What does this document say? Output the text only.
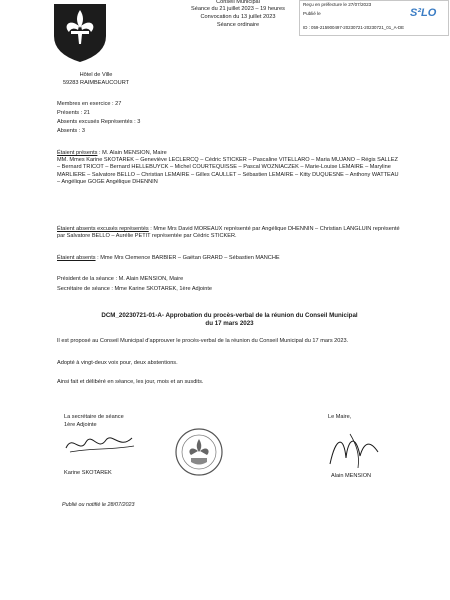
Hôtel de Ville
59283 RAIMBEAUCOURT
Conseil Municipal
Séance du 21 juillet 2023 – 19 heures
Convocation du 13 juillet 2023
Séance ordinaire
Reçu en préfecture le 27/07/2023
Publié le
ID : 059-215900497-20230721-20230721_01_A-DE
S²LO
Membres en exercice : 27
Présents : 21
Absents excusés Représentés : 3
Absents : 3
Étaient présents : M. Alain MENSION, Maire
MM. Mmes Karine SKOTAREK – Geneviève LECLERCQ – Cédric STICKER – Pascaline VITELLARO – Maria MUJANO – Régis SALLEZ – Bernard TRICOT – Bernard HELLEBUYCK – Michel COURTEQUISSE – Pascal WOZNIACZEK – Marie-Louise LEMAIRE – Maryline MARLIERE – Salvatore BELLO – Christian LEMAIRE – Gilles CAULLET – Sébastien LEMAIRE – Kitty DUQUESNE – Anthony WATTEAU – Angélique GOGE Angélique DHENNIN
Étaient absents excusés représentés : Mme Mrs David MOREAUX représenté par Angélique DHENNIN – Christian LANGLUIN représenté par Salvatore BELLO – Aurélie PETIT représentée par Cédric STICKER.
Étaient absents : Mme Mrs Clemence BARBIER – Gaëtan GRARD – Sébastien MANCHE
Président de la séance : M. Alain MENSION, Maire
Secrétaire de séance : Mme Karine SKOTAREK, 1ère Adjointe
DCM_20230721-01-A- Approbation du procès-verbal de la réunion du Conseil Municipal
du 17 mars 2023
Il est proposé au Conseil Municipal d'approuver le procès-verbal de la réunion du Conseil Municipal du 17 mars 2023.
Adopté à vingt-deux voix pour, deux abstentions.
Ainsi fait et délibéré en séance, les jour, mois et an susdits.
La secrétaire de séance
1ère Adjointe
Karine SKOTAREK
Le Maire,
Alain MENSION
Publié ou notifié le 28/07/2023
